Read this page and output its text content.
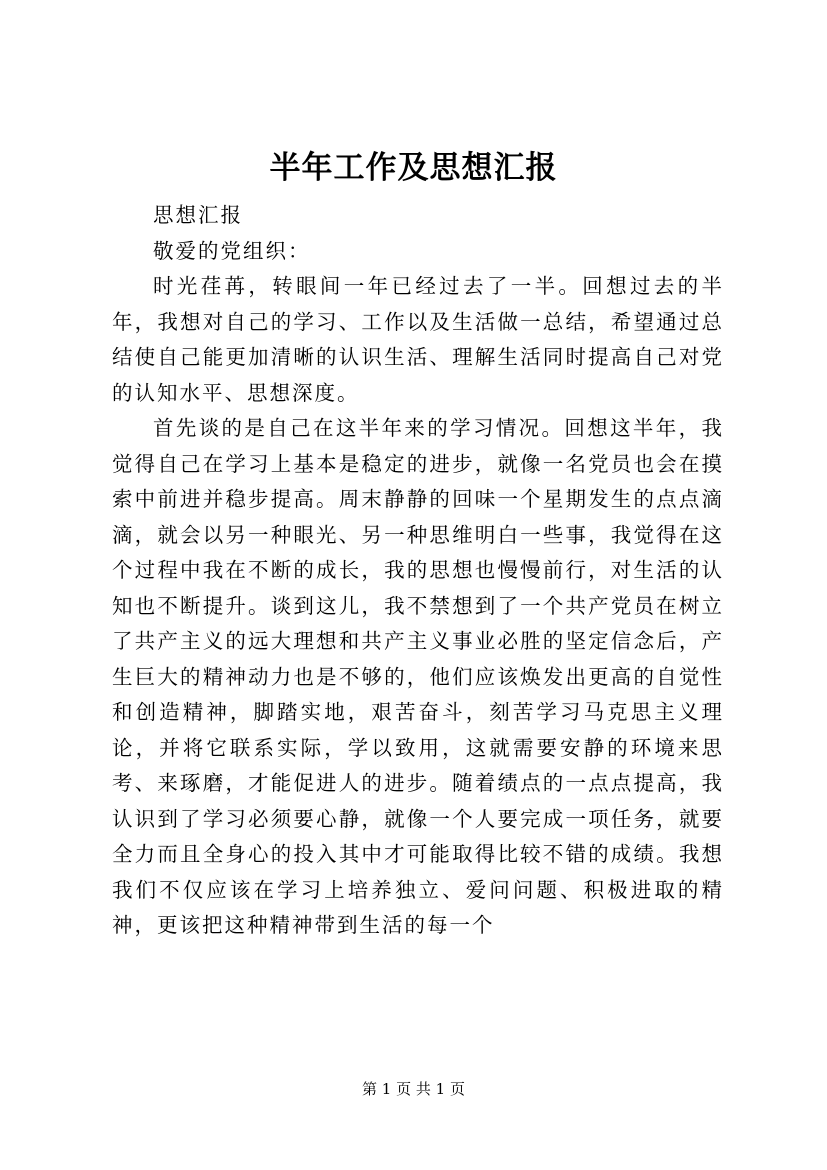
半年工作及思想汇报

思想汇报

敬爱的党组织：

时光荏苒，转眼间一年已经过去了一半。回想过去的半年，我想对自己的学习、工作以及生活做一总结，希望通过总结使自己能更加清晰的认识生活、理解生活同时提高自己对党的认知水平、思想深度。

首先谈的是自己在这半年来的学习情况。回想这半年，我觉得自己在学习上基本是稳定的进步，就像一名党员也会在摸索中前进并稳步提高。周末静静的回味一个星期发生的点点滴滴，就会以另一种眼光、另一种思维明白一些事，我觉得在这个过程中我在不断的成长，我的思想也慢慢前行，对生活的认知也不断提升。谈到这儿，我不禁想到了一个共产党员在树立了共产主义的远大理想和共产主义事业必胜的坚定信念后，产生巨大的精神动力也是不够的，他们应该焕发出更高的自觉性和创造精神，脚踏实地，艰苦奋斗，刻苦学习马克思主义理论，并将它联系实际，学以致用，这就需要安静的环境来思考、来琢磨，才能促进人的进步。随着绩点的一点点提高，我认识到了学习必须要心静，就像一个人要完成一项任务，就要全力而且全身心的投入其中才可能取得比较不错的成绩。我想我们不仅应该在学习上培养独立、爱问问题、积极进取的精神，更该把这种精神带到生活的每一个

第 1 页 共 1 页
